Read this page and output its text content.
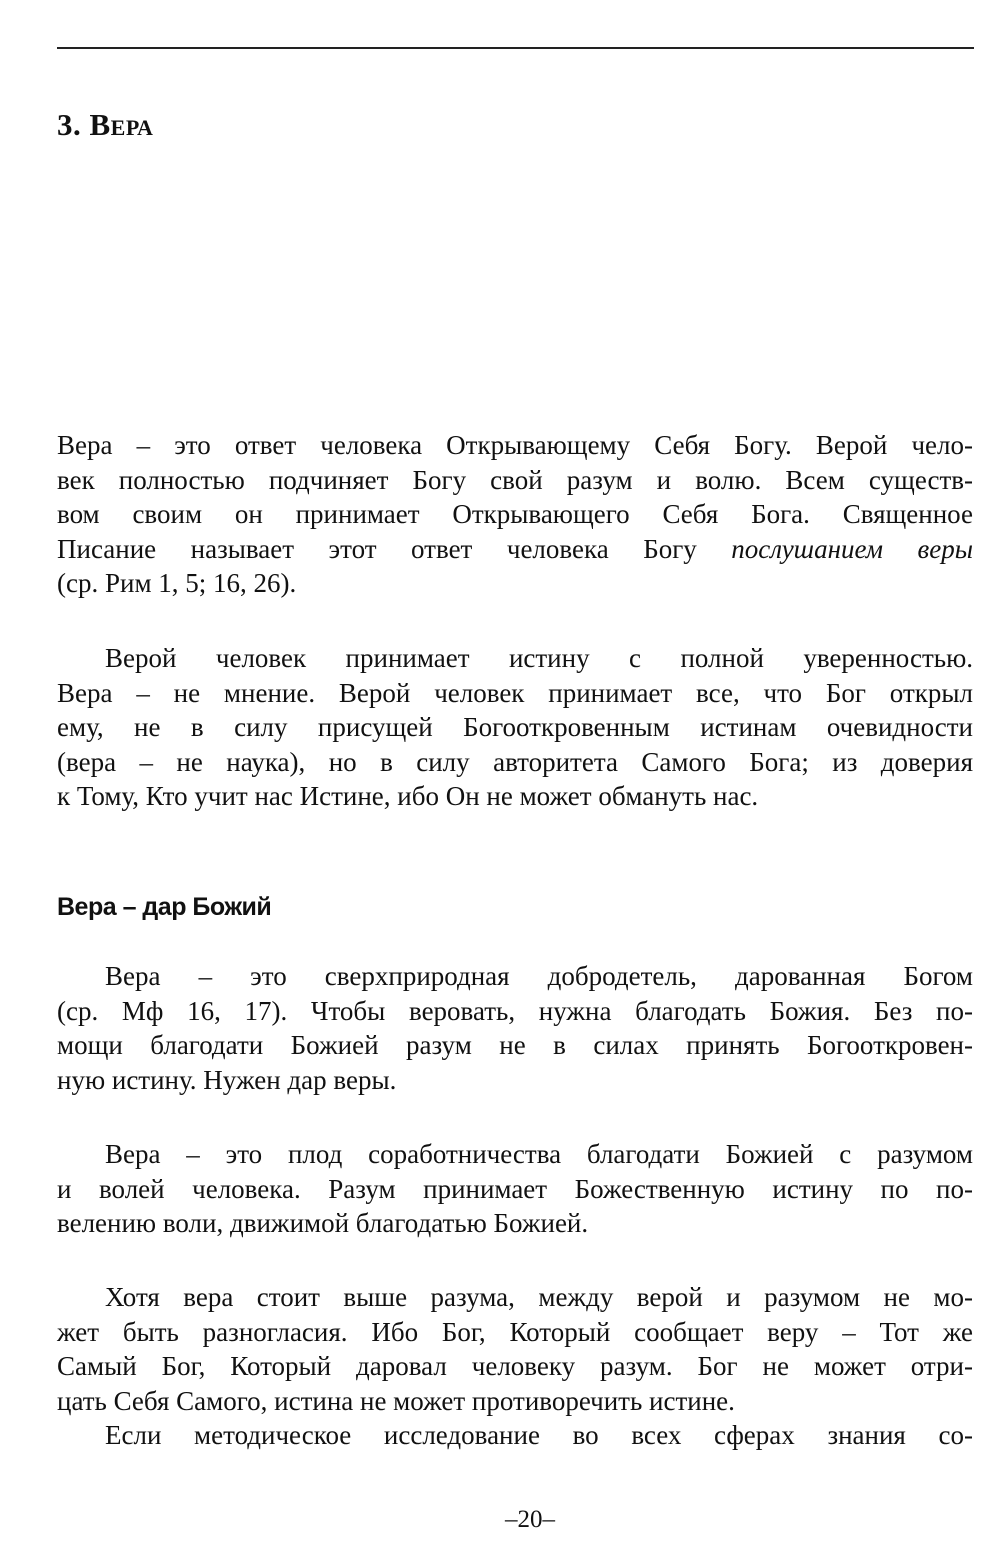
3. Вера
Вера – это ответ человека Открывающему Себя Богу. Верой чело-
век полностью подчиняет Богу свой разум и волю. Всем существ-
вом своим он принимает Открывающего Себя Бога. Священное
Писание называет этот ответ человека Богу послушанием веры
(ср. Рим 1, 5; 16, 26).
Верой человек принимает истину с полной уверенностью.
Вера – не мнение. Верой человек принимает все, что Бог открыл
ему, не в силу присущей Богооткровенным истинам очевидности
(вера – не наука), но в силу авторитета Самого Бога; из доверия
к Тому, Кто учит нас Истине, ибо Он не может обмануть нас.
Вера – дар Божий
Вера – это сверхприродная добродетель, дарованная Богом
(ср. Мф 16, 17). Чтобы веровать, нужна благодать Божия. Без по-
мощи благодати Божией разум не в силах принять Богооткровен-
ную истину. Нужен дар веры.
Вера – это плод соработничества благодати Божией с разумом
и волей человека. Разум принимает Божественную истину по по-
велению воли, движимой благодатью Божией.
Хотя вера стоит выше разума, между верой и разумом не мо-
жет быть разногласия. Ибо Бог, Который сообщает веру – Тот же
Самый Бог, Который даровал человеку разум. Бог не может отри-
цать Себя Самого, истина не может противоречить истине.
Если методическое исследование во всех сферах знания со-
–20–
